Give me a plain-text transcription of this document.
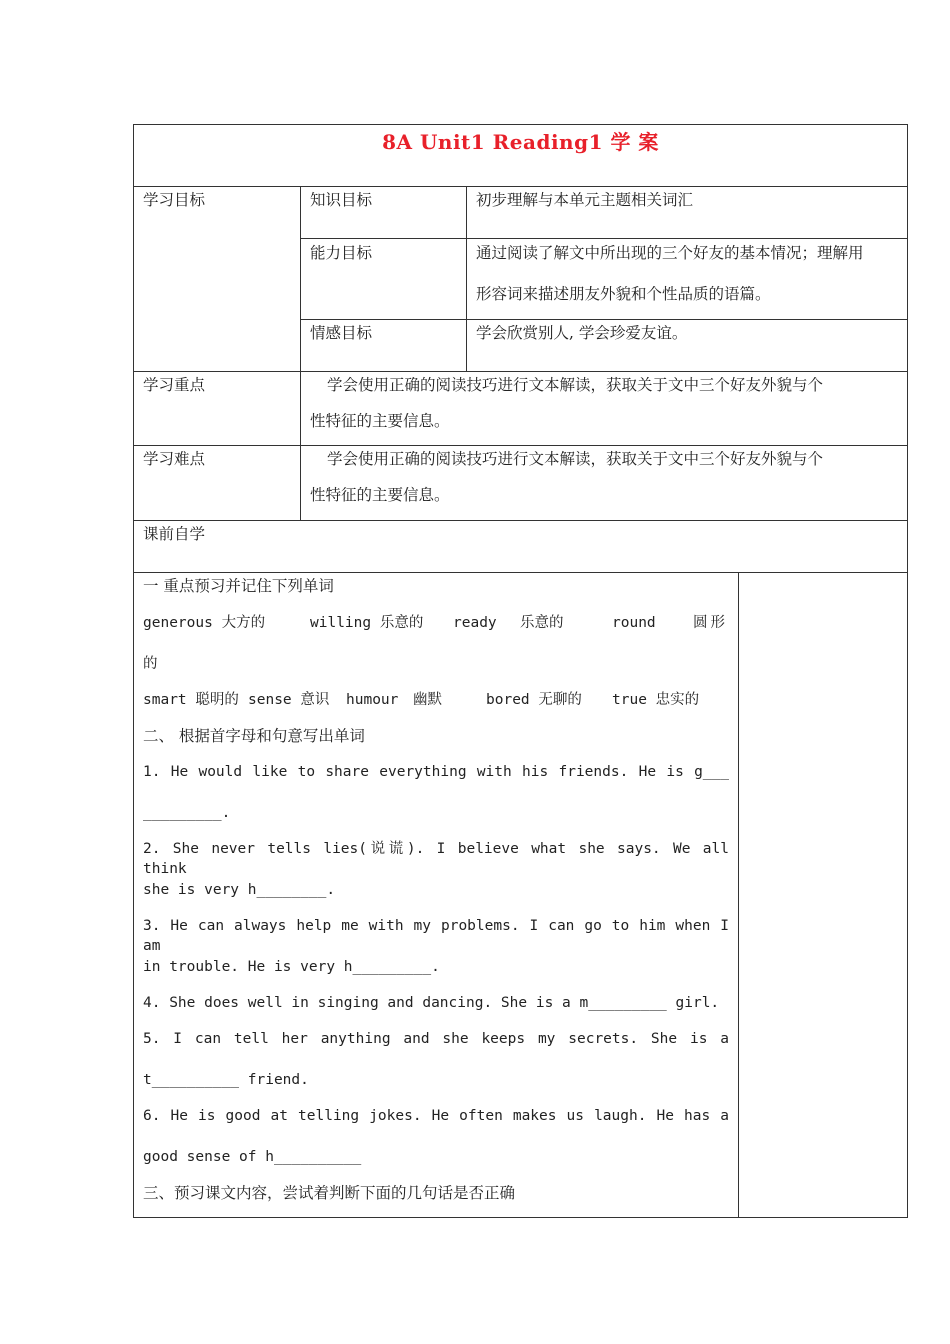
8A Unit1 Reading1 学 案
学习目标	知识目标	初步理解与本单元主题相关词汇
能力目标	通过阅读了解文中所出现的三个好友的基本情况；理解用
形容词来描述朋友外貌和个性品质的语篇。
情感目标	学会欣赏别人, 学会珍爱友谊。
学习重点	学会使用正确的阅读技巧进行文本解读，获取关于文中三个好友外貌与个
性特征的主要信息。
学习难点	学会使用正确的阅读技巧进行文本解读，获取关于文中三个好友外貌与个
性特征的主要信息。
课前自学
一 重点预习并记住下列单词
generous 大方的	willing 乐意的 ready 乐意的	round	圆形
的
smart 聪明的 sense 意识 humour 幽默	bored 无聊的 true 忠实的
二、 根据首字母和句意写出单词
1. He would like to share everything with his friends. He is g___
_________.
2. She never tells lies(说谎). I believe what she says. We all think
she is very h________.
3. He can always help me with my problems. I can go to him when I am
in trouble. He is very h_________.
4. She does well in singing and dancing. She is a m_________ girl.
5. I can tell her anything and she keeps my secrets. She is a
t__________ friend.
6. He is good at telling jokes. He often makes us laugh. He has a
good sense of h__________
三、预习课文内容，尝试着判断下面的几句话是否正确
